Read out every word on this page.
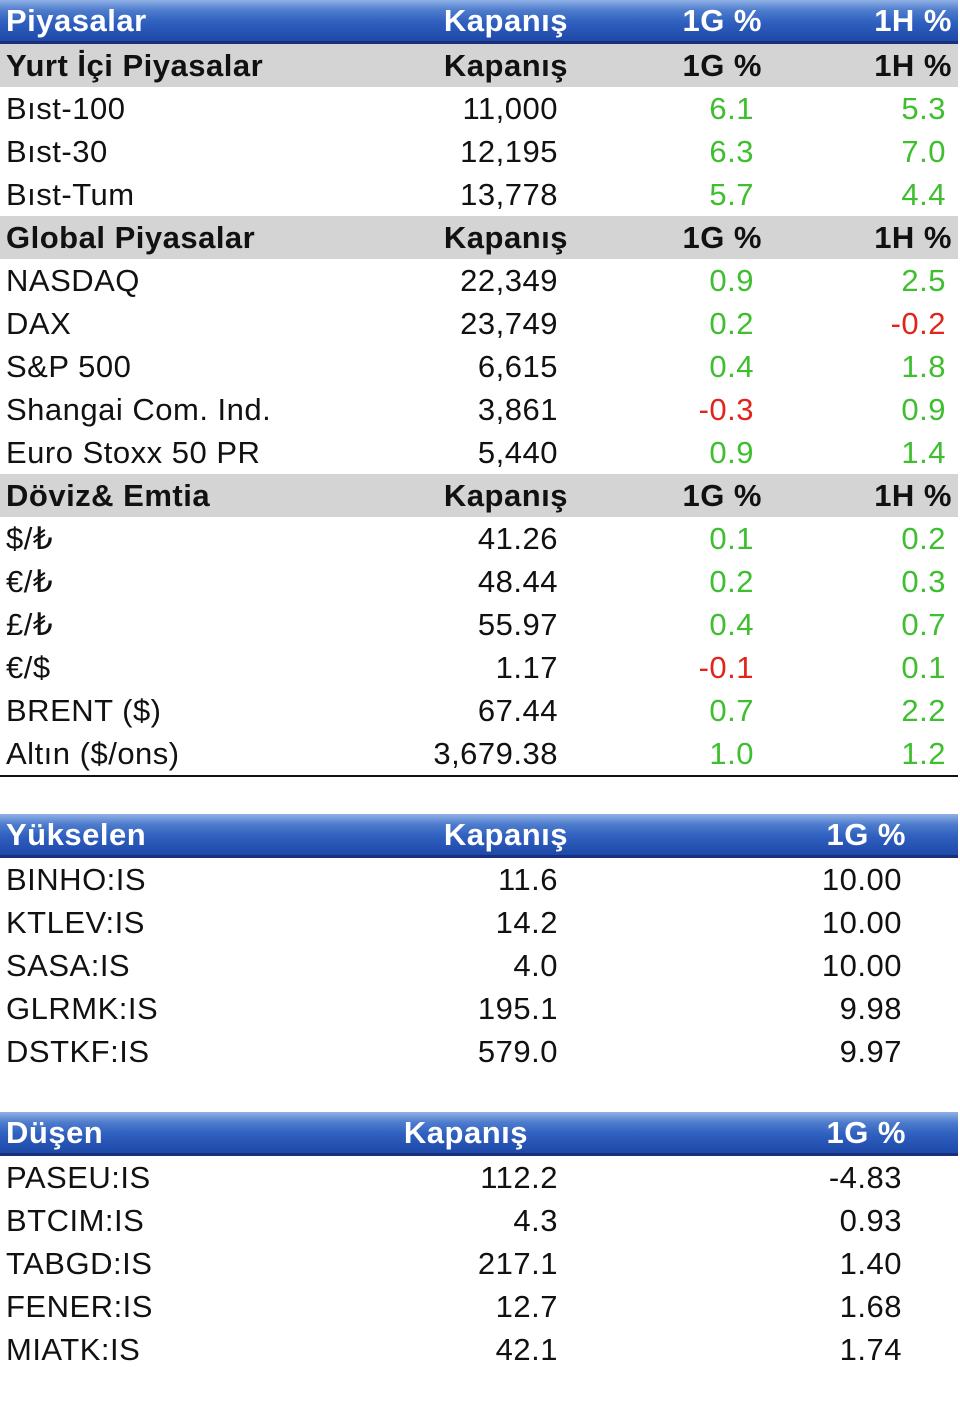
Piyasalar	Kapanış	1G %	1H %
Yurt İçi Piyasalar	Kapanış	1G %	1H %
Bıst-100	11,000	6.1	5.3
Bıst-30	12,195	6.3	7.0
Bıst-Tum	13,778	5.7	4.4
Global Piyasalar	Kapanış	1G %	1H %
NASDAQ	22,349	0.9	2.5
DAX	23,749	0.2	-0.2
S&P 500	6,615	0.4	1.8
Shangai Com. Ind.	3,861	-0.3	0.9
Euro Stoxx 50 PR	5,440	0.9	1.4
Döviz& Emtia	Kapanış	1G %	1H %
$/₺	41.26	0.1	0.2
€/₺	48.44	0.2	0.3
£/₺	55.97	0.4	0.7
€/$	1.17	-0.1	0.1
BRENT ($)	67.44	0.7	2.2
Altın ($/ons)	3,679.38	1.0	1.2
Yükselen	Kapanış	1G %
BINHO:IS	11.6	10.00
KTLEV:IS	14.2	10.00
SASA:IS	4.0	10.00
GLRMK:IS	195.1	9.98
DSTKF:IS	579.0	9.97
Düşen	Kapanış	1G %
PASEU:IS	112.2	-4.83
BTCIM:IS	4.3	0.93
TABGD:IS	217.1	1.40
FENER:IS	12.7	1.68
MIATK:IS	42.1	1.74
